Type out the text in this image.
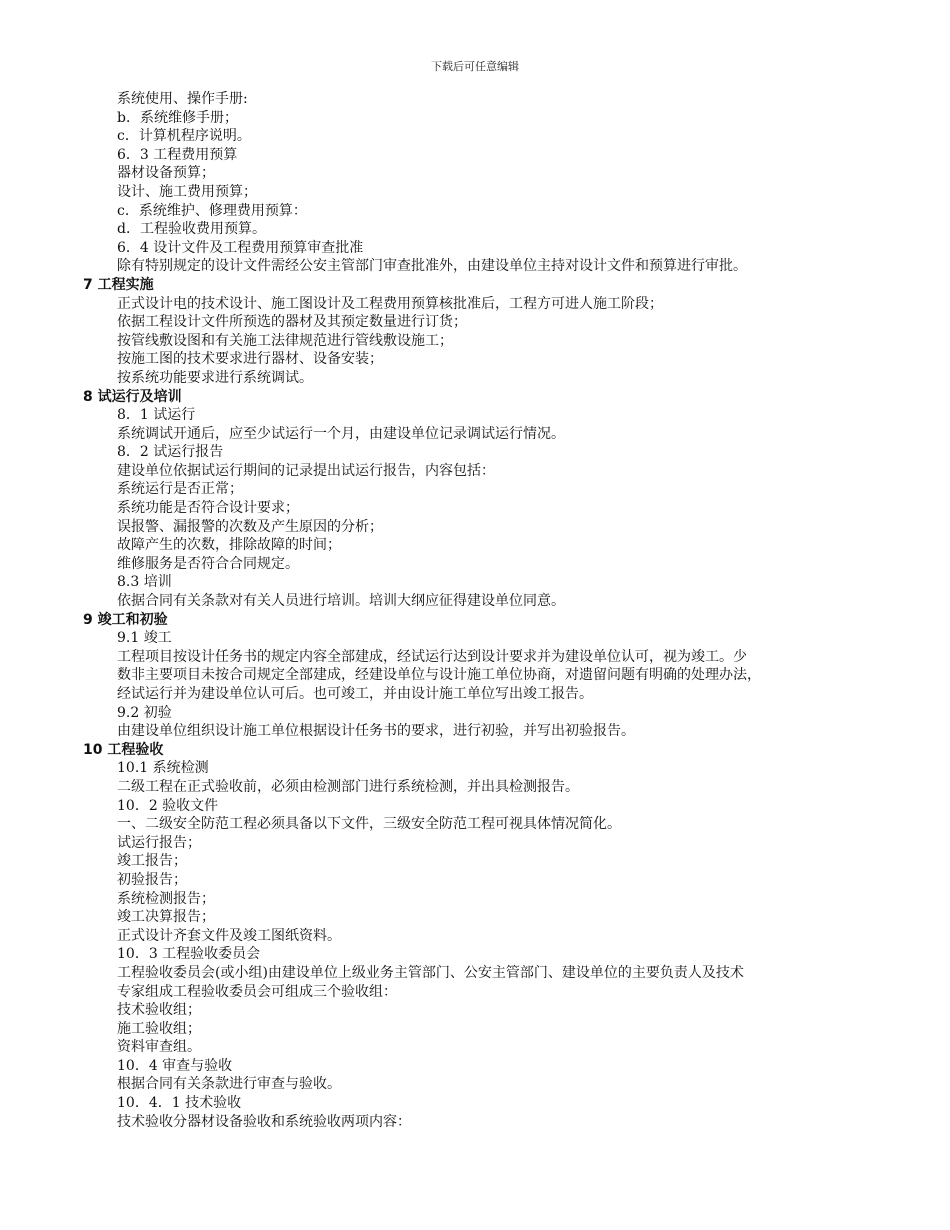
下载后可任意编辑
系统使用、操作手册:
b．系统维修手册；
c．计算机程序说明。
6．3 工程费用预算
器材设备预算；
设计、施工费用预算；
c．系统维护、修理费用预算：
d．工程验收费用预算。
6．4 设计文件及工程费用预算审查批准
除有特别规定的设计文件需经公安主管部门审查批准外，由建设单位主持对设计文件和预算进行审批。
7 工程实施
正式设计电的技术设计、施工图设计及工程费用预算核批准后，工程方可进人施工阶段；
依据工程设计文件所预选的器材及其预定数量进行订货；
按管线敷设图和有关施工法律规范进行管线敷设施工；
按施工图的技术要求进行器材、设备安装；
按系统功能要求进行系统调试。
8 试运行及培训
8．1 试运行
系统调试开通后，应至少试运行一个月，由建设单位记录调试运行情况。
8．2 试运行报告
建设单位依据试运行期间的记录提出试运行报告，内容包括：
系统运行是否正常；
系统功能是否符合设计要求；
误报警、漏报警的次数及产生原因的分析；
故障产生的次数，排除故障的时间；
维修服务是否符合合同规定。
8.3 培训
依据合同有关条款对有关人员进行培训。培训大纲应征得建设单位同意。
9 竣工和初验
9.1 竣工
工程项目按设计任务书的规定内容全部建成，经试运行达到设计要求并为建设单位认可，视为竣工。少
数非主要项目未按合司规定全部建成，经建设单位与设计施工单位协商，对遗留问题有明确的处理办法，
经试运行并为建设单位认可后。也可竣工，并由设计施工单位写出竣工报告。
9.2 初验
由建设单位组织设计施工单位根据设计任务书的要求，进行初验，并写出初验报告。
10 工程验收
10.1 系统检测
二级工程在正式验收前，必须由检测部门进行系统检测，并出具检测报告。
10．2 验收文件
一、二级安全防范工程必须具备以下文件，三级安全防范工程可视具体情况简化。
试运行报告；
竣工报告；
初验报告；
系统检测报告；
竣工决算报告；
正式设计齐套文件及竣工图纸资料。
10．3 工程验收委员会
工程验收委员会(或小组)由建设单位上级业务主管部门、公安主管部门、建设单位的主要负责人及技术
专家组成工程验收委员会可组成三个验收组：
技术验收组；
施工验收组；
资料审查组。
10．4 审查与验收
根据合同有关条款进行审查与验收。
10．4．1 技术验收
技术验收分器材设备验收和系统验收两项内容：
